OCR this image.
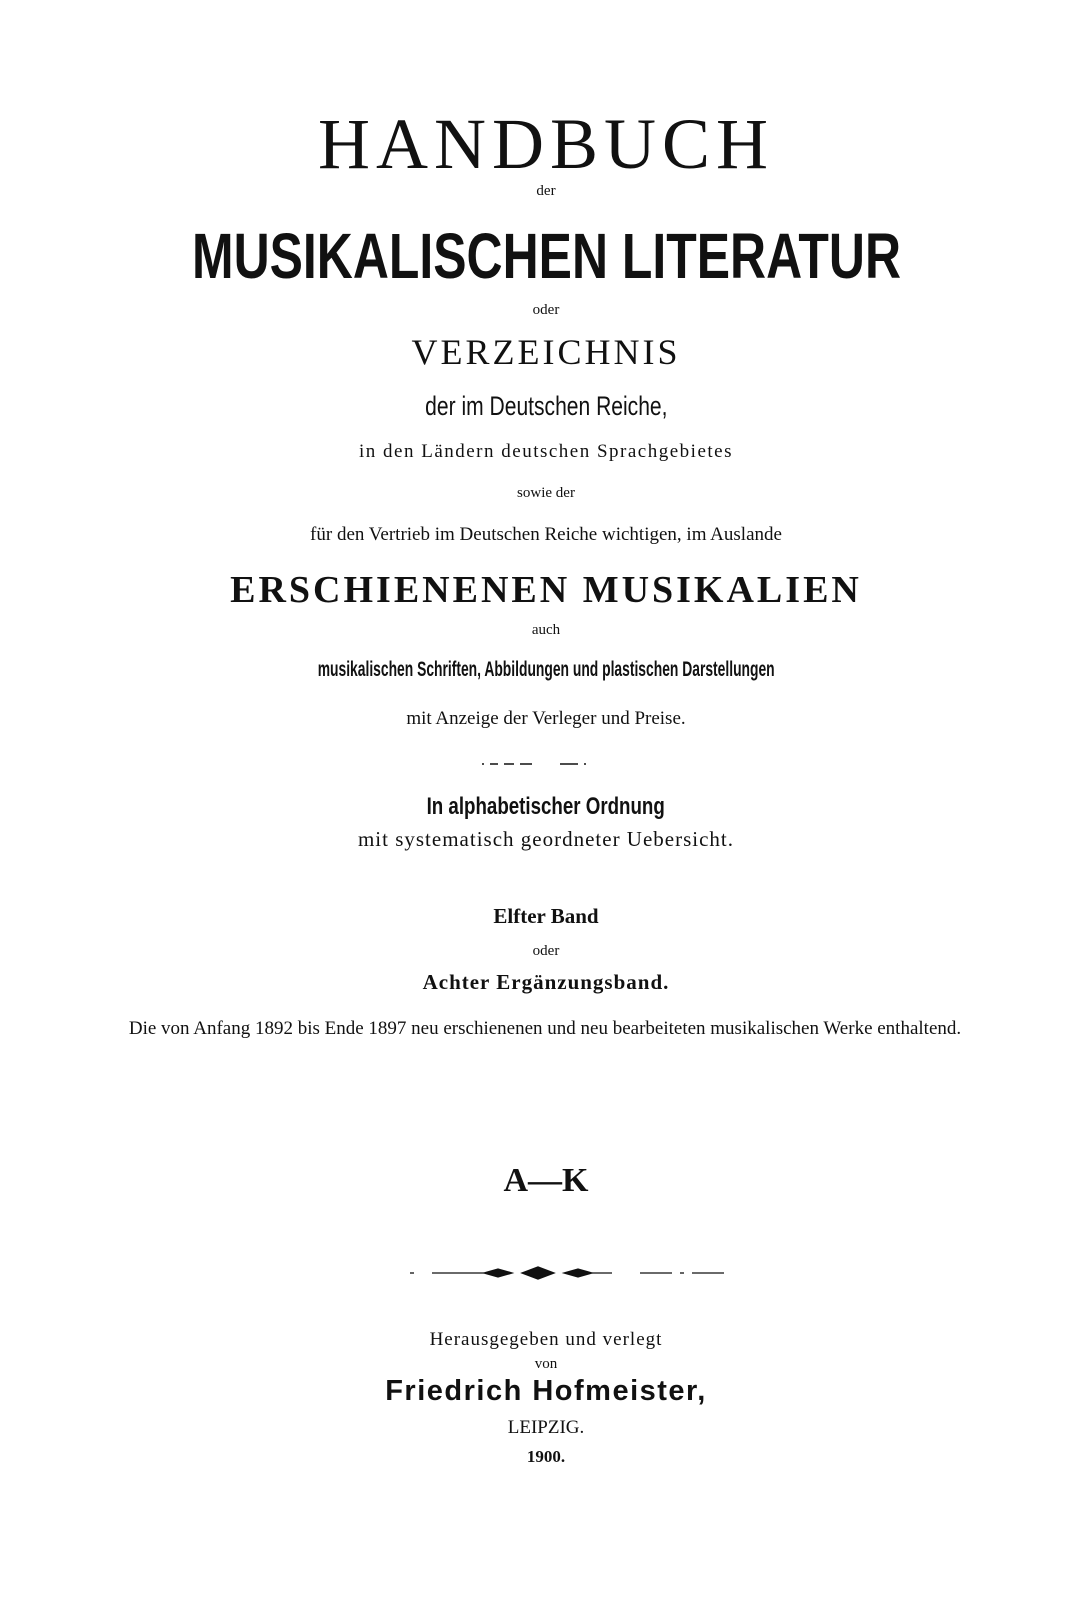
HANDBUCH
der
MUSIKALISCHEN LITERATUR
oder
VERZEICHNIS
der im Deutschen Reiche,
in den Ländern deutschen Sprachgebietes
sowie der
für den Vertrieb im Deutschen Reiche wichtigen, im Auslande
ERSCHIENENEN MUSIKALIEN
auch
musikalischen Schriften, Abbildungen und plastischen Darstellungen
mit Anzeige der Verleger und Preise.
In alphabetischer Ordnung
mit systematisch geordneter Uebersicht.
Elfter Band
oder
Achter Ergänzungsband.
Die von Anfang 1892 bis Ende 1897 neu erschienenen und neu bearbeiteten musikalischen Werke enthaltend.
A—K
Herausgegeben und verlegt
von
Friedrich Hofmeister,
LEIPZIG.
1900.
